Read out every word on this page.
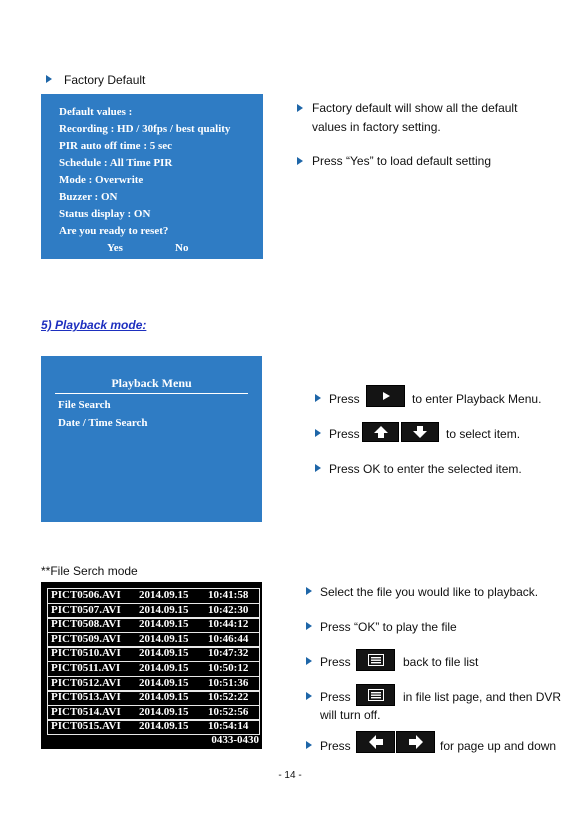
Factory Default
Default values :
Recording : HD / 30fps / best quality
PIR auto off time : 5 sec
Schedule : All Time PIR
Mode : Overwrite
Buzzer : ON
Status display : ON
Are you ready to reset?
Yes	No
Factory default will show all the default
values in factory setting.
Press “Yes” to load default setting
5) Playback mode:
Playback Menu
File Search
Date / Time Search
Press	to enter Playback Menu.
Press	to select item.
Press OK to enter the selected item.
**File Serch mode
PICT0506.AVI 2014.09.15 10:41:58
PICT0507.AVI 2014.09.15 10:42:30
PICT0508.AVI 2014.09.15 10:44:12
PICT0509.AVI 2014.09.15 10:46:44
PICT0510.AVI 2014.09.15 10:47:32
PICT0511.AVI 2014.09.15 10:50:12
PICT0512.AVI 2014.09.15 10:51:36
PICT0513.AVI 2014.09.15 10:52:22
PICT0514.AVI 2014.09.15 10:52:56
PICT0515.AVI 2014.09.15 10:54:14
0433-0430
Select the file you would like to playback.
Press “OK” to play the file
Press	back to file list
Press	in file list page, and then DVR
will turn off.
Press	for page up and down
- 14 -
